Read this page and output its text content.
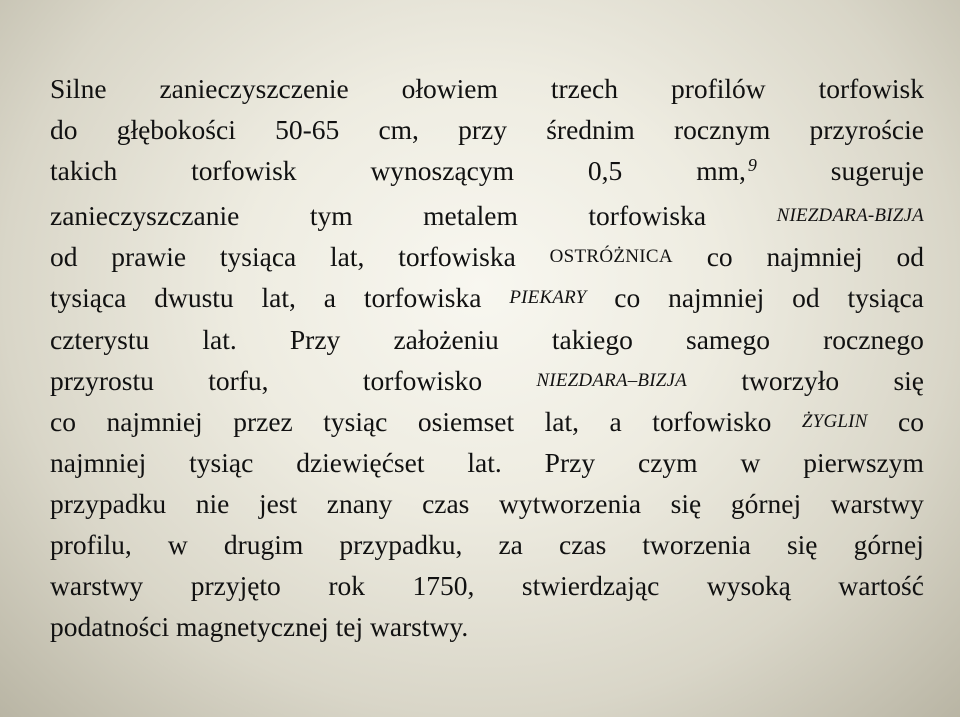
Silne zanieczyszczenie ołowiem trzech profilów torfowisk
do głębokości 50-65 cm, przy średnim rocznym przyroście
takich	torfowisk	wynoszącym	0,5	mm, $^9$	sugeruje
zanieczyszczanie	tym	metalem	torfowiska	NIEZDARA-BIZJA
od prawie tysiąca lat, torfowiska OSTRÓŻNICA co najmniej od
tysiąca dwustu lat, a torfowiska PIEKARY co najmniej od tysiąca
czterystu lat. Przy założeniu takiego samego rocznego
przyrostu torfu,	torfowisko	NIEZDARA–BIZJA tworzyło się
co najmniej przez tysiąc osiemset lat, a torfowisko ŻYGLIN co
najmniej tysiąc dziewięćset lat. Przy czym w pierwszym
przypadku nie jest znany czas wytworzenia się górnej warstwy
profilu, w drugim przypadku, za czas tworzenia się górnej
warstwy przyjęto rok 1750, stwierdzając wysoką wartość
podatności magnetycznej tej warstwy.
